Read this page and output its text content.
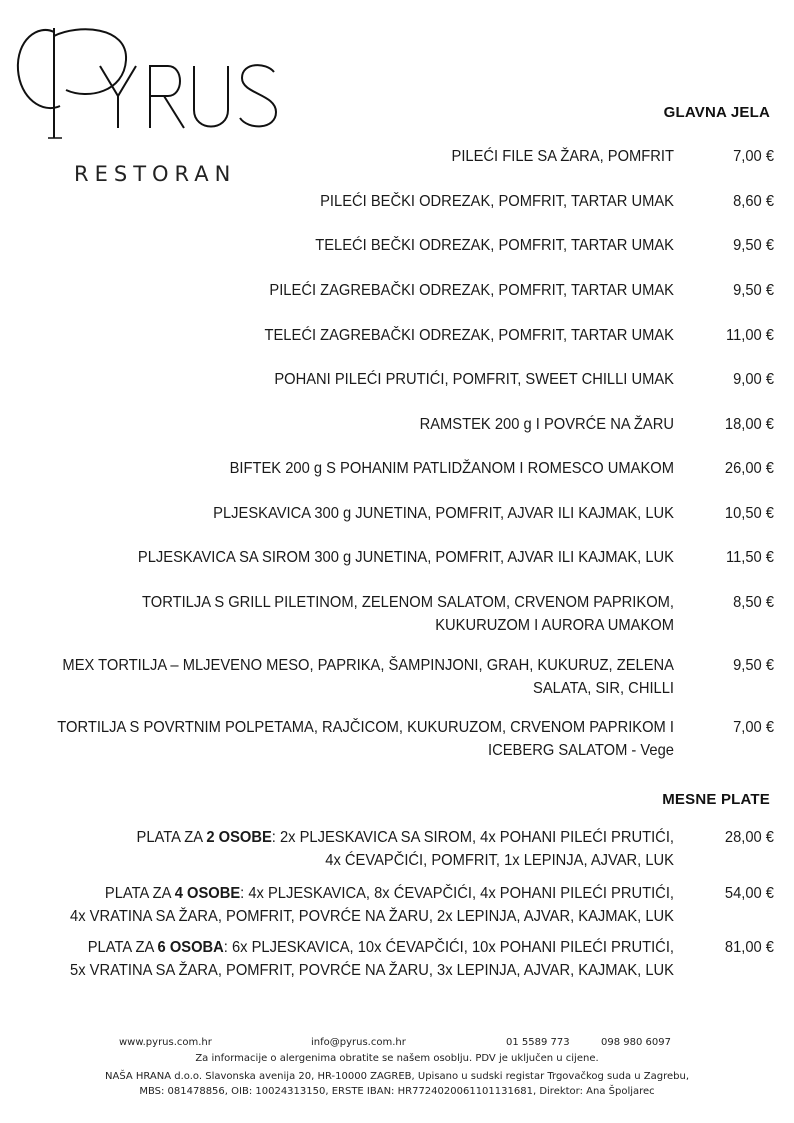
RESTORAN
GLAVNA JELA
PILEĆI FILE SA ŽARA, POMFRIT	7,00 €
PILEĆI BEČKI ODREZAK, POMFRIT, TARTAR UMAK	8,60 €
TELEĆI BEČKI ODREZAK, POMFRIT, TARTAR UMAK	9,50 €
PILEĆI ZAGREBAČKI ODREZAK, POMFRIT, TARTAR UMAK	9,50 €
TELEĆI ZAGREBAČKI ODREZAK, POMFRIT, TARTAR UMAK	11,00 €
POHANI PILEĆI PRUTIĆI, POMFRIT, SWEET CHILLI UMAK	9,00 €
RAMSTEK 200 g I POVRĆE NA ŽARU	18,00 €
BIFTEK 200 g S POHANIM PATLIDŽANOM I ROMESCO UMAKOM	26,00 €
PLJESKAVICA 300 g JUNETINA, POMFRIT, AJVAR ILI KAJMAK, LUK	10,50 €
PLJESKAVICA SA SIROM 300 g JUNETINA, POMFRIT, AJVAR ILI KAJMAK, LUK	11,50 €
TORTILJA S GRILL PILETINOM, ZELENOM SALATOM, CRVENOM PAPRIKOM,
KUKURUZOM I AURORA UMAKOM
8,50 €
MEX TORTILJA – MLJEVENO MESO, PAPRIKA, ŠAMPINJONI, GRAH, KUKURUZ, ZELENA
SALATA, SIR, CHILLI
9,50 €
TORTILJA S POVRTNIM POLPETAMA, RAJČICOM, KUKURUZOM, CRVENOM PAPRIKOM I
ICEBERG SALATOM - Vege
7,00 €
MESNE PLATE
PLATA ZA 2 OSOBE: 2x PLJESKAVICA SA SIROM, 4x POHANI PILEĆI PRUTIĆI,
4x ĆEVAPČIĆI, POMFRIT, 1x LEPINJA, AJVAR, LUK
28,00 €
PLATA ZA 4 OSOBE: 4x PLJESKAVICA, 8x ĆEVAPČIĆI, 4x POHANI PILEĆI PRUTIĆI,
4x VRATINA SA ŽARA, POMFRIT, POVRĆE NA ŽARU, 2x LEPINJA, AJVAR, KAJMAK, LUK
54,00 €
PLATA ZA 6 OSOBA: 6x PLJESKAVICA, 10x ĆEVAPČIĆI, 10x POHANI PILEĆI PRUTIĆI,
5x VRATINA SA ŽARA, POMFRIT, POVRĆE NA ŽARU, 3x LEPINJA, AJVAR, KAJMAK, LUK
81,00 €
www.pyrus.com.hr	info@pyrus.com.hr	01 5589 773	098 980 6097
Za informacije o alergenima obratite se našem osoblju. PDV je uključen u cijene.
NAŠA HRANA d.o.o. Slavonska avenija 20, HR-10000 ZAGREB, Upisano u sudski registar Trgovačkog suda u Zagrebu,
MBS: 081478856, OIB: 10024313150, ERSTE IBAN: HR7724020061101131681, Direktor: Ana Špoljarec
